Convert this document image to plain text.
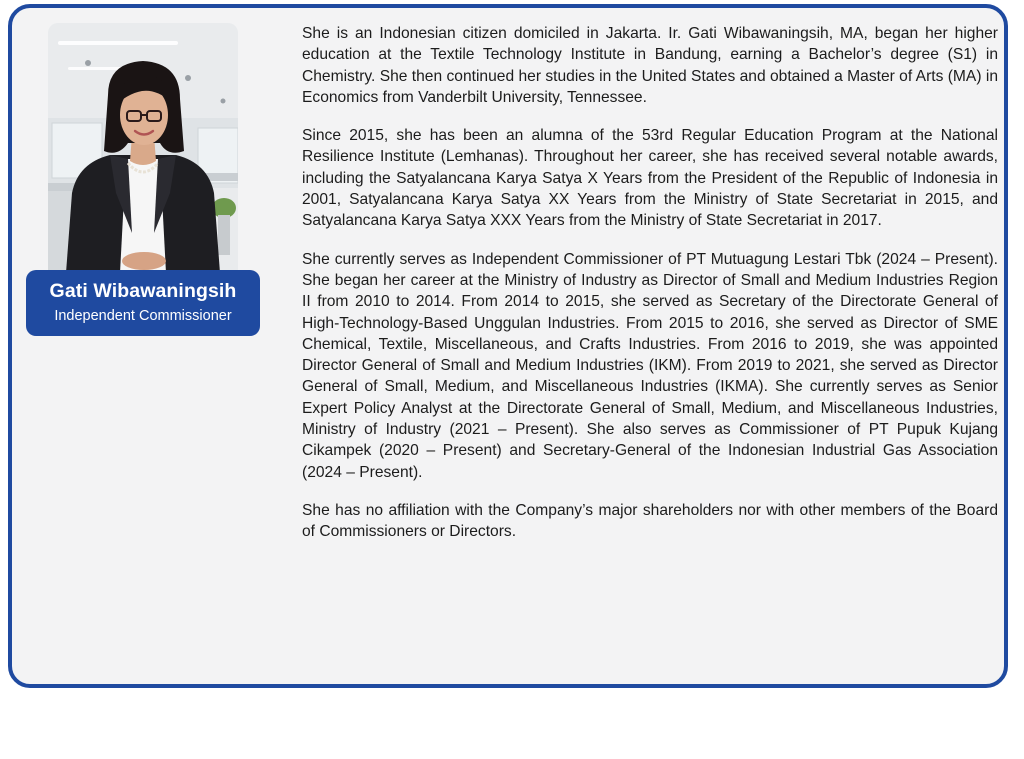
Gati Wibawaningsih
Independent Commissioner

She is an Indonesian citizen domiciled in Jakarta. Ir. Gati Wibawaningsih, MA, began her higher education at the Textile Technology Institute in Bandung, earning a Bachelor’s degree (S1) in Chemistry. She then continued her studies in the United States and obtained a Master of Arts (MA) in Economics from Vanderbilt University, Tennessee.

Since 2015, she has been an alumna of the 53rd Regular Education Program at the National Resilience Institute (Lemhanas). Throughout her career, she has received several notable awards, including the Satyalancana Karya Satya X Years from the President of the Republic of Indonesia in 2001, Satyalancana Karya Satya XX Years from the Ministry of State Secretariat in 2015, and Satyalancana Karya Satya XXX Years from the Ministry of State Secretariat in 2017.

She currently serves as Independent Commissioner of PT Mutuagung Lestari Tbk (2024 – Present). She began her career at the Ministry of Industry as Director of Small and Medium Industries Region II from 2010 to 2014. From 2014 to 2015, she served as Secretary of the Directorate General of High-Technology-Based Unggulan Industries. From 2015 to 2016, she served as Director of SME Chemical, Textile, Miscellaneous, and Crafts Industries. From 2016 to 2019, she was appointed Director General of Small and Medium Industries (IKM). From 2019 to 2021, she served as Director General of Small, Medium, and Miscellaneous Industries (IKMA). She currently serves as Senior Expert Policy Analyst at the Directorate General of Small, Medium, and Miscellaneous Industries, Ministry of Industry (2021 – Present). She also serves as Commissioner of PT Pupuk Kujang Cikampek (2020 – Present) and Secretary-General of the Indonesian Industrial Gas Association (2024 – Present).

She has no affiliation with the Company’s major shareholders nor with other members of the Board of Commissioners or Directors.
